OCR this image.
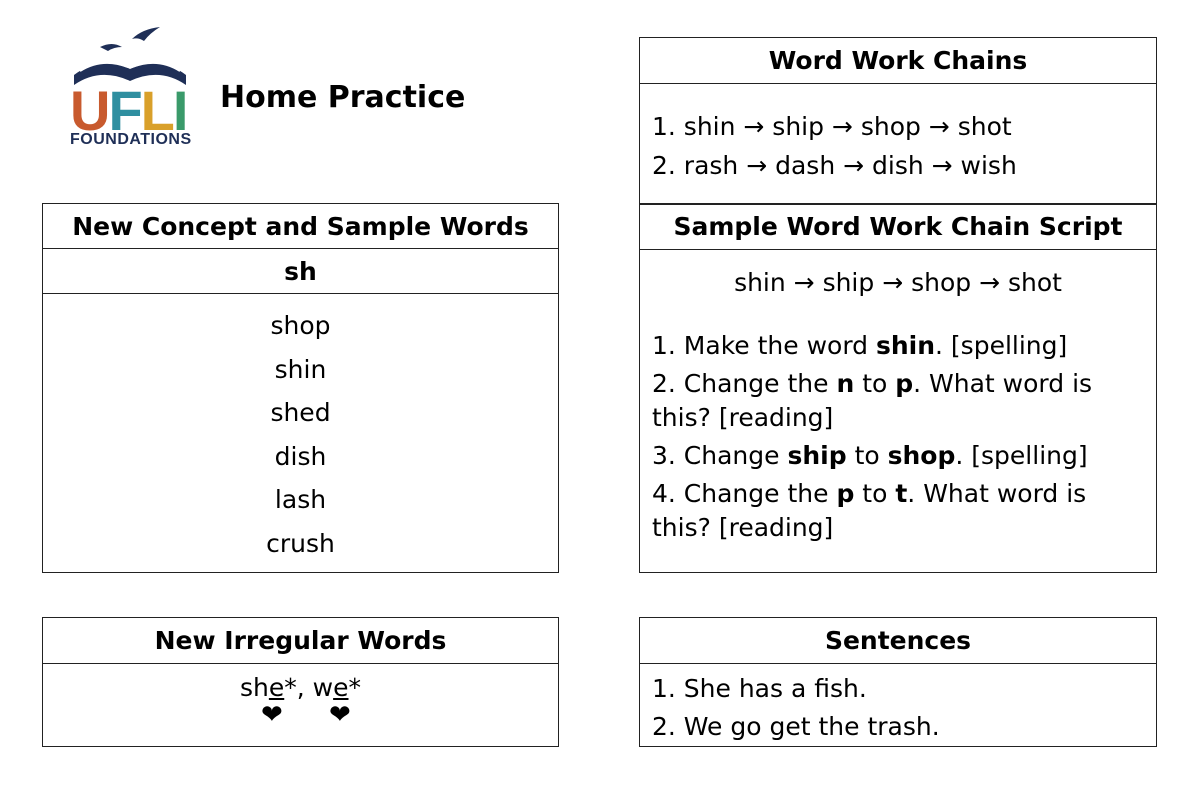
UFLI
FOUNDATIONS
Home Practice
New Concept and Sample Words
sh
shop
shin
shed
dish
lash
crush
New Irregular Words
she*, we*
❤ ❤
Word Work Chains
1. shin → ship → shop → shot
2. rash → dash → dish → wish
Sample Word Work Chain Script
shin → ship → shop → shot
1. Make the word shin. [spelling]
2. Change the n to p. What word is this? [reading]
3. Change ship to shop. [spelling]
4. Change the p to t. What word is this? [reading]
Sentences
1. She has a fish.
2. We go get the trash.
